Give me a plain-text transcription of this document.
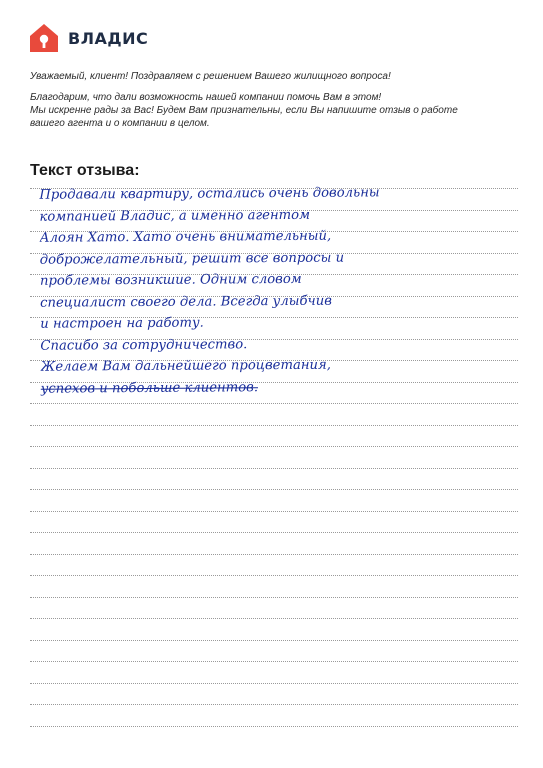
ВЛАДИС

Уважаемый, клиент! Поздравляем с решением Вашего жилищного вопроса!

Благодарим, что дали возможность нашей компании помочь Вам в этом!

Мы искренне рады за Вас! Будем Вам признательны, если Вы напишите отзыв о работе

вашего агента и о компании в целом.

Текст отзыва:
Продавали квартиру, остались очень довольны
компанией Владис, а именно агентом
Алоян Хато. Хато очень внимательный,
доброжелательный, решит все вопросы и
проблемы возникшие. Одним словом
специалист своего дела. Всегда улыбчив
и настроен на работу.
Спасибо за сотрудничество.
Желаем Вам дальнейшего процветания,
успехов и побольше клиентов.
